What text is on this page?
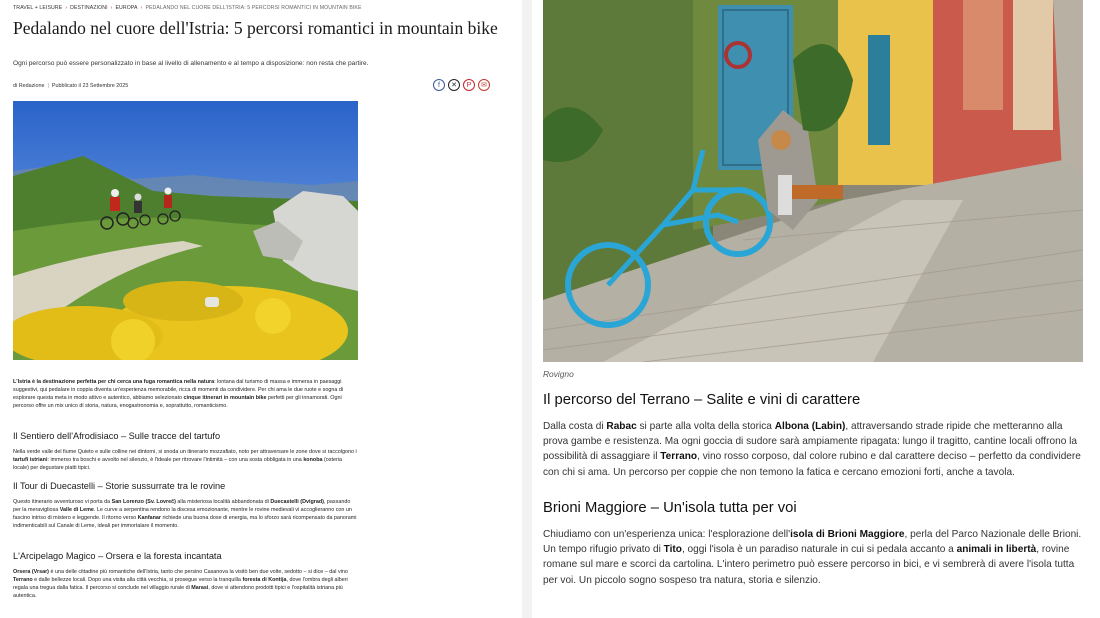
TRAVEL + LEISURE › DESTINAZIONI › EUROPA › PEDALANDO NEL CUORE DELL'ISTRIA: 5 PERCORSI ROMANTICI IN MOUNTAIN BIKE
Pedalando nel cuore dell'Istria: 5 percorsi romantici in mountain bike
Ogni percorso può essere personalizzato in base al livello di allenamento e al tempo a disposizione: non resta che partire.
di Redazione | Pubblicato il 23 Settembre 2025	f	✕	P	✉

L'Istria è la destinazione perfetta per chi cerca una fuga romantica nella natura: lontana dal turismo di massa e immersa in paesaggi suggestivi, qui pedalare in coppia diventa un'esperienza memorabile, ricca di momenti da condividere. Per chi ama le due ruote e sogna di esplorare questa meta in modo attivo e autentico, abbiamo selezionato cinque itinerari in mountain bike perfetti per gli innamorati. Ogni percorso offre un mix unico di storia, natura, enogastronomia e, soprattutto, romanticismo.

Il Sentiero dell'Afrodisiaco – Sulle tracce del tartufo

Nella verde valle del fiume Quieto e sulle colline nei dintorni, si snoda un itinerario mozzafiato, noto per attraversare le zone dove si raccolgono i tartufi istriani: immerso tra boschi e avvolto nel silenzio, è l'ideale per ritrovare l'intimità – con una sosta obbligata in una konoba (osteria locale) per degustare piatti tipici.

Il Tour di Duecastelli – Storie sussurrate tra le rovine

Questo itinerario avventuroso vi porta da San Lorenzo (Sv. Lovreč) alla misteriosa località abbandonata di Duecastelli (Dvigrad), passando per la meravigliosa Valle di Leme. Le curve a serpentina rendono la discesa emozionante, mentre le rovine medievali vi accoglieranno con un fascino intriso di mistero e leggende. Il ritorno verso Kanfanar richiede una buona dose di energia, ma lo sforzo sarà ricompensato da panorami indimenticabili sul Canale di Leme, ideali per immortalare il momento.

L'Arcipelago Magico – Orsera e la foresta incantata

Orsera (Vrsar) è una delle cittadine più romantiche dell'Istria, tanto che persino Casanova la visitò ben due volte, sedotto – si dice – dal vino Terrano e dalle bellezze locali. Dopo una visita alla città vecchia, si prosegue verso la tranquilla foresta di Kontija, dove l'ombra degli alberi regala una tregua dalla fatica. Il percorso si conclude nel villaggio rurale di Marasi, dove vi attendono prodotti tipici e l'ospitalità istriana più autentica.

Rovigno
Il percorso del Terrano – Salite e vini di carattere

Dalla costa di Rabac si parte alla volta della storica Albona (Labin), attraversando strade ripide che metteranno alla prova gambe e resistenza. Ma ogni goccia di sudore sarà ampiamente ripagata: lungo il tragitto, cantine locali offrono la possibilità di assaggiare il Terrano, vino rosso corposo, dal colore rubino e dal carattere deciso – perfetto da condividere con chi si ama. Un percorso per coppie che non temono la fatica e cercano emozioni forti, anche a tavola.

Brioni Maggiore – Un'isola tutta per voi

Chiudiamo con un'esperienza unica: l'esplorazione dell'isola di Brioni Maggiore, perla del Parco Nazionale delle Brioni. Un tempo rifugio privato di Tito, oggi l'isola è un paradiso naturale in cui si pedala accanto a animali in libertà, rovine romane sul mare e scorci da cartolina. L'intero perimetro può essere percorso in bici, e vi sembrerà di avere l'isola tutta per voi. Un piccolo sogno sospeso tra natura, storia e silenzio.
